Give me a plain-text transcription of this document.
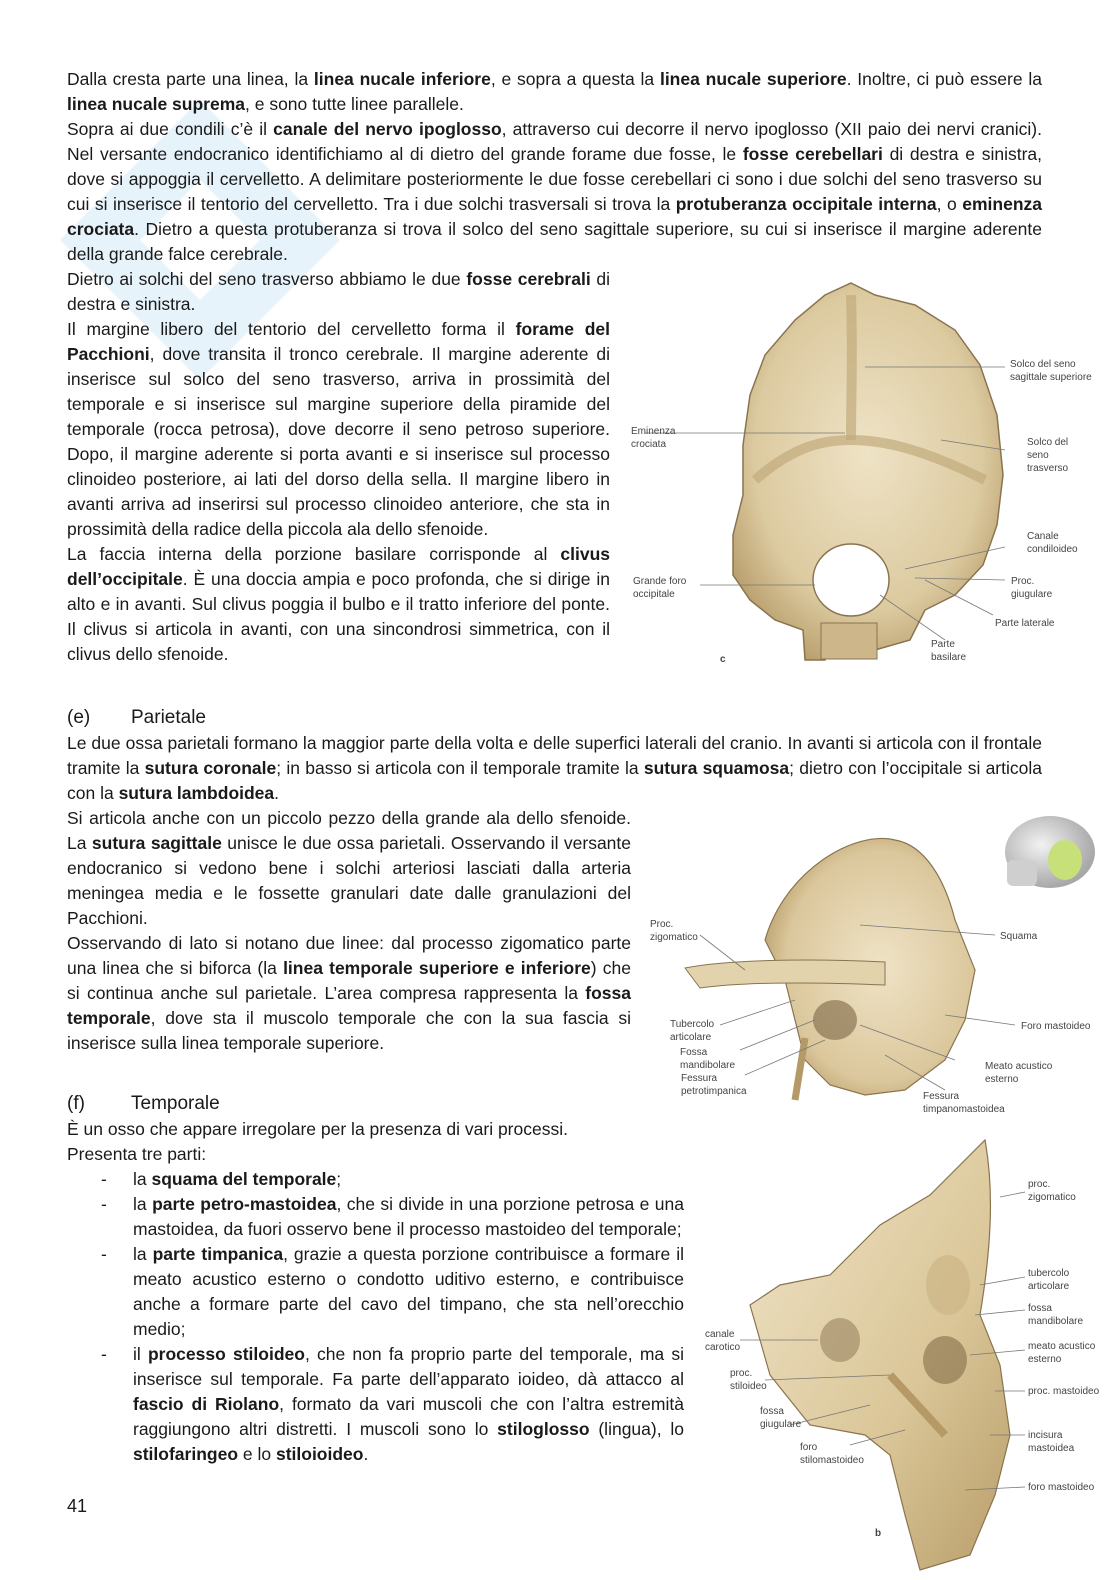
Dalla cresta parte una linea, la linea nucale inferiore, e sopra a questa la linea nucale superiore. Inoltre, ci può essere la linea nucale suprema, e sono tutte linee parallele.

Sopra ai due condili c’è il canale del nervo ipoglosso, attraverso cui decorre il nervo ipoglosso (XII paio dei nervi cranici). Nel versante endocranico identifichiamo al di dietro del grande forame due fosse, le fosse cerebellari di destra e sinistra, dove si appoggia il cervelletto. A delimitare posteriormente le due fosse cerebellari ci sono i due solchi del seno trasverso su cui si inserisce il tentorio del cervelletto. Tra i due solchi trasversali si trova la protuberanza occipitale interna, o eminenza crociata. Dietro a questa protuberanza si trova il solco del seno sagittale superiore, su cui si inserisce il margine aderente della grande falce cerebrale.

Dietro ai solchi del seno trasverso abbiamo le due fosse cerebrali di destra e sinistra.

Il margine libero del tentorio del cervelletto forma il forame del Pacchioni, dove transita il tronco cerebrale. Il margine aderente di inserisce sul solco del seno trasverso, arriva in prossimità del temporale e si inserisce sul margine superiore della piramide del temporale (rocca petrosa), dove decorre il seno petroso superiore. Dopo, il margine aderente si porta avanti e si inserisce sul processo clinoideo posteriore, ai lati del dorso della sella. Il margine libero in avanti arriva ad inserirsi sul processo clinoideo anteriore, che sta in prossimità della radice della piccola ala dello sfenoide.

La faccia interna della porzione basilare corrisponde al clivus dell’occipitale. È una doccia ampia e poco profonda, che si dirige in alto e in avanti. Sul clivus poggia il bulbo e il tratto inferiore del ponte. Il clivus si articola in avanti, con una sincondrosi simmetrica, con il clivus dello sfenoide.

Solco del seno sagittale superiore
Eminenza crociata	Solco del seno trasverso
Canale condiloideo
Grande foro occipitale
Proc. giugulare
Parte laterale
Parte basilare
c
(e) Parietale

Le due ossa parietali formano la maggior parte della volta e delle superfici laterali del cranio. In avanti si articola con il frontale tramite la sutura coronale; in basso si articola con il temporale tramite la sutura squamosa; dietro con l’occipitale si articola con la sutura lambdoidea.

Si articola anche con un piccolo pezzo della grande ala dello sfenoide. La sutura sagittale unisce le due ossa parietali. Osservando il versante endocranico si vedono bene i solchi arteriosi lasciati dalla arteria meningea media e le fossette granulari date dalle granulazioni del Pacchioni.

Osservando di lato si notano due linee: dal processo zigomatico parte una linea che si biforca (la linea temporale superiore e inferiore) che si continua anche sul parietale. L’area compresa rappresenta la fossa temporale, dove sta il muscolo temporale che con la sua fascia si inserisce sulla linea temporale superiore.

Proc. zigomatico	Squama
Tubercolo articolare
Foro mastoideo
Fossa mandibolare
Fessura petrotimpanica
Meato acustico esterno
Fessura timpanomastoidea
(f) Temporale

È un osso che appare irregolare per la presenza di vari processi. Presenta tre parti:

- la squama del temporale;
- la parte petro-mastoidea, che si divide in una porzione petrosa e una mastoidea, da fuori osservo bene il processo mastoideo del temporale;
- la parte timpanica, grazie a questa porzione contribuisce a formare il meato acustico esterno o condotto uditivo esterno, e contribuisce anche a formare parte del cavo del timpano, che sta nell’orecchio medio;
- il processo stiloideo, che non fa proprio parte del temporale, ma si inserisce sul temporale. Fa parte dell’apparato ioideo, dà attacco al fascio di Riolano, formato da vari muscoli che con l’altra estremità raggiungono altri distretti. I muscoli sono lo stiloglosso (lingua), lo stilofaringeo e lo stiloioideo.
proc. zigomatico
tubercolo articolare
fossa mandibolare
meato acustico esterno
canale carotico
proc. mastoideo
proc. stiloideo
fossa giugulare
incisura mastoidea
foro stilomastoideo
foro mastoideo
b
41
